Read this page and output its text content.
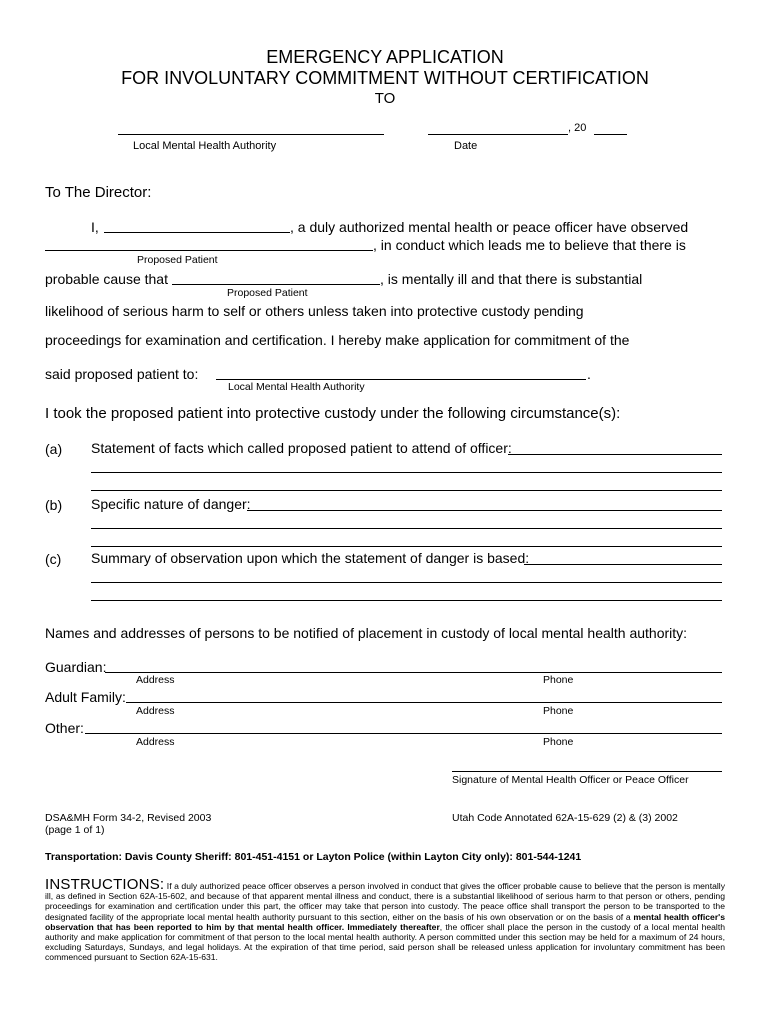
EMERGENCY APPLICATION
FOR INVOLUNTARY COMMITMENT WITHOUT CERTIFICATION
TO
Local Mental Health Authority
, 20
Date
To The Director:
I,	, a duly authorized mental health or peace officer have observed
, in conduct which leads me to believe that there is
Proposed Patient
probable cause that	, is mentally ill and that there is substantial
Proposed Patient
likelihood of serious harm to self or others unless taken into protective custody pending
proceedings for examination and certification. I hereby make application for commitment of the
said proposed patient to:	.
Local Mental Health Authority
I took the proposed patient into protective custody under the following circumstance(s):
(a) Statement of facts which called proposed patient to attend of officer:
(b) Specific nature of danger:
(c) Summary of observation upon which the statement of danger is based:
Names and addresses of persons to be notified of placement in custody of local mental health authority:
Guardian:
Address	Phone
Adult Family:
Address	Phone
Other:
Address	Phone
Signature of Mental Health Officer or Peace Officer
DSA&MH Form 34-2, Revised 2003
(page 1 of 1)
Utah Code Annotated 62A-15-629 (2) & (3) 2002
Transportation: Davis County Sheriff: 801-451-4151 or Layton Police (within Layton City only): 801-544-1241
INSTRUCTIONS: If a duly authorized peace officer observes a person involved in conduct that gives the officer probable cause to believe that the person is mentally ill, as defined in Section 62A-15-602, and because of that apparent mental illness and conduct, there is a substantial likelihood of serious harm to that person or others, pending proceedings for examination and certification under this part, the officer may take that person into custody. The peace office shall transport the person to be transported to the designated facility of the appropriate local mental health authority pursuant to this section, either on the basis of his own observation or on the basis of a mental health officer's observation that has been reported to him by that mental health officer. Immediately thereafter, the officer shall place the person in the custody of a local mental health authority and make application for commitment of that person to the local mental health authority. A person committed under this section may be held for a maximum of 24 hours, excluding Saturdays, Sundays, and legal holidays. At the expiration of that time period, said person shall be released unless application for involuntary commitment has been commenced pursuant to Section 62A-15-631.
